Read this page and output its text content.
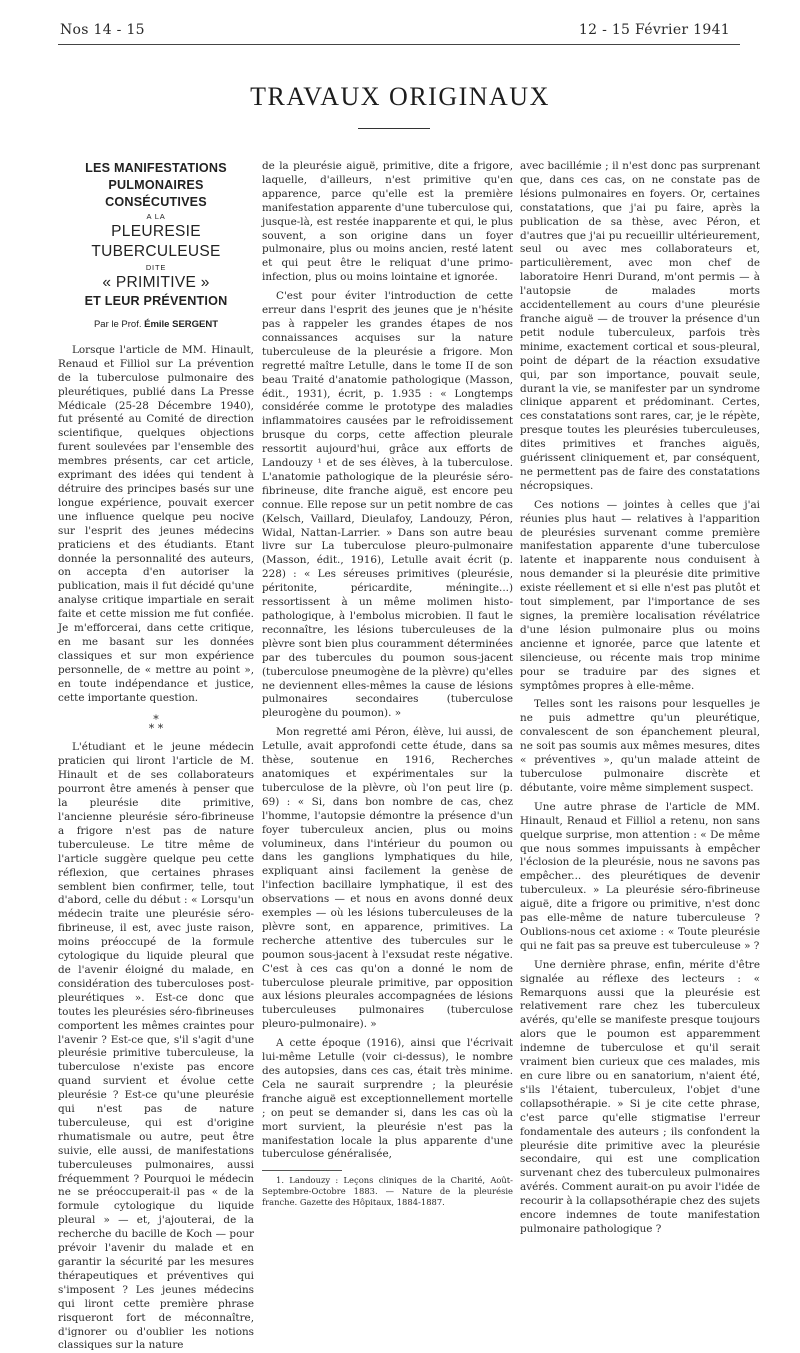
Nos 14 - 15	12 - 15 Février 1941
TRAVAUX ORIGINAUX
LES MANIFESTATIONS
PULMONAIRES CONSÉCUTIVES
A LA
PLEURESIE TUBERCULEUSE
DITE
« PRIMITIVE »
ET LEUR PRÉVENTION
Par le Prof. Émile SERGENT

Lorsque l'article de MM. Hinault, Renaud et Filliol sur La prévention de la tuberculose pulmonaire des pleurétiques, publié dans La Presse Médicale (25-28 Décembre 1940), fut présenté au Comité de direction scientifique, quelques objections furent soulevées par l'ensemble des membres présents, car cet article, exprimant des idées qui tendent à détruire des principes basés sur une longue expérience, pouvait exercer une influence quelque peu nocive sur l'esprit des jeunes médecins praticiens et des étudiants. Etant donnée la personnalité des auteurs, on accepta d'en autoriser la publication, mais il fut décidé qu'une analyse critique impartiale en serait faite et cette mission me fut confiée. Je m'efforcerai, dans cette critique, en me basant sur les données classiques et sur mon expérience personnelle, de « mettre au point », en toute indépendance et justice, cette importante question.

*
* *

L'étudiant et le jeune médecin praticien qui liront l'article de M. Hinault et de ses collaborateurs pourront être amenés à penser que la pleurésie dite primitive, l'ancienne pleurésie séro-fibrineuse a frigore n'est pas de nature tuberculeuse. Le titre même de l'article suggère quelque peu cette réflexion, que certaines phrases semblent bien confirmer, telle, tout d'abord, celle du début : « Lorsqu'un médecin traite une pleurésie séro-fibrineuse, il est, avec juste raison, moins préoccupé de la formule cytologique du liquide pleural que de l'avenir éloigné du malade, en considération des tuberculoses post-pleurétiques ». Est-ce donc que toutes les pleurésies séro-fibrineuses comportent les mêmes craintes pour l'avenir ? Est-ce que, s'il s'agit d'une pleurésie primitive tuberculeuse, la tuberculose n'existe pas encore quand survient et évolue cette pleurésie ? Est-ce qu'une pleurésie qui n'est pas de nature tuberculeuse, qui est d'origine rhumatismale ou autre, peut être suivie, elle aussi, de manifestations tuberculeuses pulmonaires, aussi fréquemment ? Pourquoi le médecin ne se préoccuperait-il pas « de la formule cytologique du liquide pleural » — et, j'ajouterai, de la recherche du bacille de Koch — pour prévoir l'avenir du malade et en garantir la sécurité par les mesures thérapeutiques et préventives qui s'imposent ? Les jeunes médecins qui liront cette première phrase risqueront fort de méconnaître, d'ignorer ou d'oublier les notions classiques sur la nature

de la pleurésie aiguë, primitive, dite a frigore, laquelle, d'ailleurs, n'est primitive qu'en apparence, parce qu'elle est la première manifestation apparente d'une tuberculose qui, jusque-là, est restée inapparente et qui, le plus souvent, a son origine dans un foyer pulmonaire, plus ou moins ancien, resté latent et qui peut être le reliquat d'une primo-infection, plus ou moins lointaine et ignorée.

C'est pour éviter l'introduction de cette erreur dans l'esprit des jeunes que je n'hésite pas à rappeler les grandes étapes de nos connaissances acquises sur la nature tuberculeuse de la pleurésie a frigore. Mon regretté maître Letulle, dans le tome II de son beau Traité d'anatomie pathologique (Masson, édit., 1931), écrit, p. 1.935 : « Longtemps considérée comme le prototype des maladies inflammatoires causées par le refroidissement brusque du corps, cette affection pleurale ressortit aujourd'hui, grâce aux efforts de Landouzy ¹ et de ses élèves, à la tuberculose. L'anatomie pathologique de la pleurésie séro-fibrineuse, dite franche aiguë, est encore peu connue. Elle repose sur un petit nombre de cas (Kelsch, Vaillard, Dieulafoy, Landouzy, Péron, Widal, Nattan-Larrier. » Dans son autre beau livre sur La tuberculose pleuro-pulmonaire (Masson, édit., 1916), Letulle avait écrit (p. 228) : « Les séreuses primitives (pleurésie, péritonite, péricardite, méningite...) ressortissent à un même molimen histo-pathologique, à l'embolus microbien. Il faut le reconnaître, les lésions tuberculeuses de la plèvre sont bien plus couramment déterminées par des tubercules du poumon sous-jacent (tuberculose pneumogène de la plèvre) qu'elles ne deviennent elles-mêmes la cause de lésions pulmonaires secondaires (tuberculose pleurogène du poumon). »

Mon regretté ami Péron, élève, lui aussi, de Letulle, avait approfondi cette étude, dans sa thèse, soutenue en 1916, Recherches anatomiques et expérimentales sur la tuberculose de la plèvre, où l'on peut lire (p. 69) : « Si, dans bon nombre de cas, chez l'homme, l'autopsie démontre la présence d'un foyer tuberculeux ancien, plus ou moins volumineux, dans l'intérieur du poumon ou dans les ganglions lymphatiques du hile, expliquant ainsi facilement la genèse de l'infection bacillaire lymphatique, il est des observations — et nous en avons donné deux exemples — où les lésions tuberculeuses de la plèvre sont, en apparence, primitives. La recherche attentive des tubercules sur le poumon sous-jacent à l'exsudat reste négative. C'est à ces cas qu'on a donné le nom de tuberculose pleurale primitive, par opposition aux lésions pleurales accompagnées de lésions tuberculeuses pulmonaires (tuberculose pleuro-pulmonaire). »

A cette époque (1916), ainsi que l'écrivait lui-même Letulle (voir ci-dessus), le nombre des autopsies, dans ces cas, était très minime. Cela ne saurait surprendre ; la pleurésie franche aiguë est exceptionnellement mortelle ; on peut se demander si, dans les cas où la mort survient, la pleurésie n'est pas la manifestation locale la plus apparente d'une tuberculose généralisée,

1. Landouzy : Leçons cliniques de la Charité, Août-Septembre-Octobre 1883. — Nature de la pleurésie franche. Gazette des Hôpitaux, 1884-1887.

avec bacillémie ; il n'est donc pas surprenant que, dans ces cas, on ne constate pas de lésions pulmonaires en foyers. Or, certaines constatations, que j'ai pu faire, après la publication de sa thèse, avec Péron, et d'autres que j'ai pu recueillir ultérieurement, seul ou avec mes collaborateurs et, particulièrement, avec mon chef de laboratoire Henri Durand, m'ont permis — à l'autopsie de malades morts accidentellement au cours d'une pleurésie franche aiguë — de trouver la présence d'un petit nodule tuberculeux, parfois très minime, exactement cortical et sous-pleural, point de départ de la réaction exsudative qui, par son importance, pouvait seule, durant la vie, se manifester par un syndrome clinique apparent et prédominant. Certes, ces constatations sont rares, car, je le répète, presque toutes les pleurésies tuberculeuses, dites primitives et franches aiguës, guérissent cliniquement et, par conséquent, ne permettent pas de faire des constatations nécropsiques.

Ces notions — jointes à celles que j'ai réunies plus haut — relatives à l'apparition de pleurésies survenant comme première manifestation apparente d'une tuberculose latente et inapparente nous conduisent à nous demander si la pleurésie dite primitive existe réellement et si elle n'est pas plutôt et tout simplement, par l'importance de ses signes, la première localisation révélatrice d'une lésion pulmonaire plus ou moins ancienne et ignorée, parce que latente et silencieuse, ou récente mais trop minime pour se traduire par des signes et symptômes propres à elle-même.

Telles sont les raisons pour lesquelles je ne puis admettre qu'un pleurétique, convalescent de son épanchement pleural, ne soit pas soumis aux mêmes mesures, dites « préventives », qu'un malade atteint de tuberculose pulmonaire discrète et débutante, voire même simplement suspect.

Une autre phrase de l'article de MM. Hinault, Renaud et Filliol a retenu, non sans quelque surprise, mon attention : « De même que nous sommes impuissants à empêcher l'éclosion de la pleurésie, nous ne savons pas empêcher... des pleurétiques de devenir tuberculeux. » La pleurésie séro-fibrineuse aiguë, dite a frigore ou primitive, n'est donc pas elle-même de nature tuberculeuse ? Oublions-nous cet axiome : « Toute pleurésie qui ne fait pas sa preuve est tuberculeuse » ?

Une dernière phrase, enfin, mérite d'être signalée au réflexe des lecteurs : « Remarquons aussi que la pleurésie est relativement rare chez les tuberculeux avérés, qu'elle se manifeste presque toujours alors que le poumon est apparemment indemne de tuberculose et qu'il serait vraiment bien curieux que ces malades, mis en cure libre ou en sanatorium, n'aient été, s'ils l'étaient, tuberculeux, l'objet d'une collapsothérapie. » Si je cite cette phrase, c'est parce qu'elle stigmatise l'erreur fondamentale des auteurs ; ils confondent la pleurésie dite primitive avec la pleurésie secondaire, qui est une complication survenant chez des tuberculeux pulmonaires avérés. Comment aurait-on pu avoir l'idée de recourir à la collapsothérapie chez des sujets encore indemnes de toute manifestation pulmonaire pathologique ?
